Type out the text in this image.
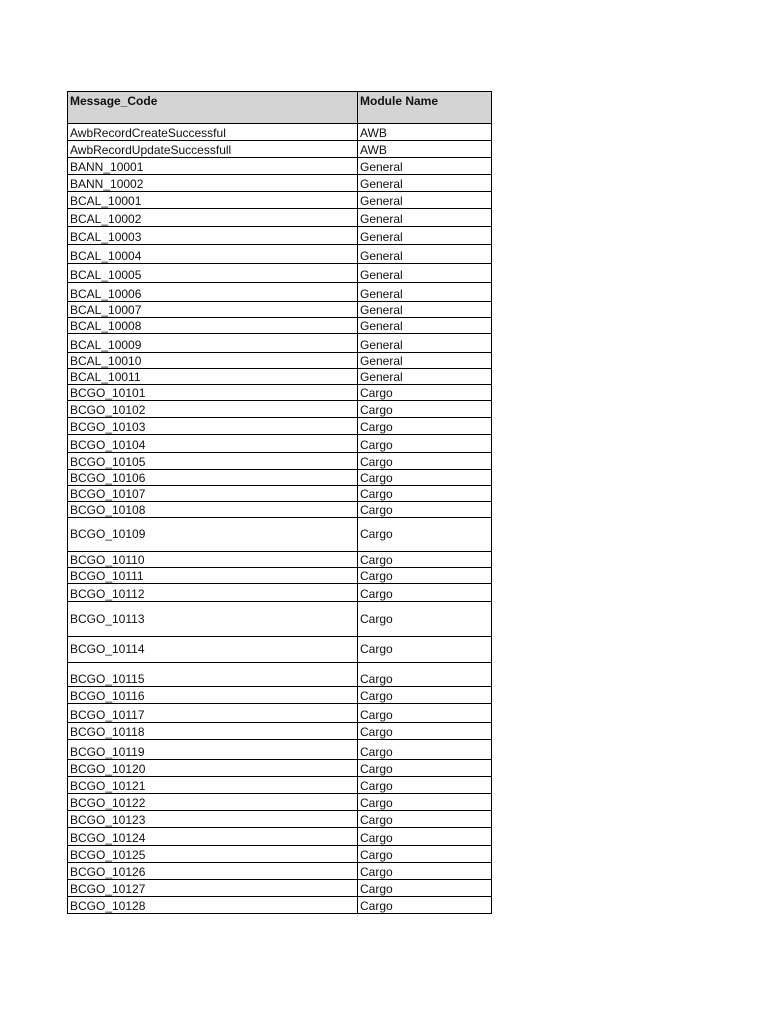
Message_Code	Module Name
AwbRecordCreateSuccessful	AWB
AwbRecordUpdateSuccessfull	AWB
BANN_10001	General
BANN_10002	General
BCAL_10001	General
BCAL_10002	General
BCAL_10003	General
BCAL_10004	General
BCAL_10005	General
BCAL_10006	General
BCAL_10007	General
BCAL_10008	General
BCAL_10009	General
BCAL_10010	General
BCAL_10011	General
BCGO_10101	Cargo
BCGO_10102	Cargo
BCGO_10103	Cargo
BCGO_10104	Cargo
BCGO_10105	Cargo
BCGO_10106	Cargo
BCGO_10107	Cargo
BCGO_10108	Cargo
BCGO_10109	Cargo
BCGO_10110	Cargo
BCGO_10111	Cargo
BCGO_10112	Cargo
BCGO_10113	Cargo
BCGO_10114	Cargo
BCGO_10115	Cargo
BCGO_10116	Cargo
BCGO_10117	Cargo
BCGO_10118	Cargo
BCGO_10119	Cargo
BCGO_10120	Cargo
BCGO_10121	Cargo
BCGO_10122	Cargo
BCGO_10123	Cargo
BCGO_10124	Cargo
BCGO_10125	Cargo
BCGO_10126	Cargo
BCGO_10127	Cargo
BCGO_10128	Cargo
